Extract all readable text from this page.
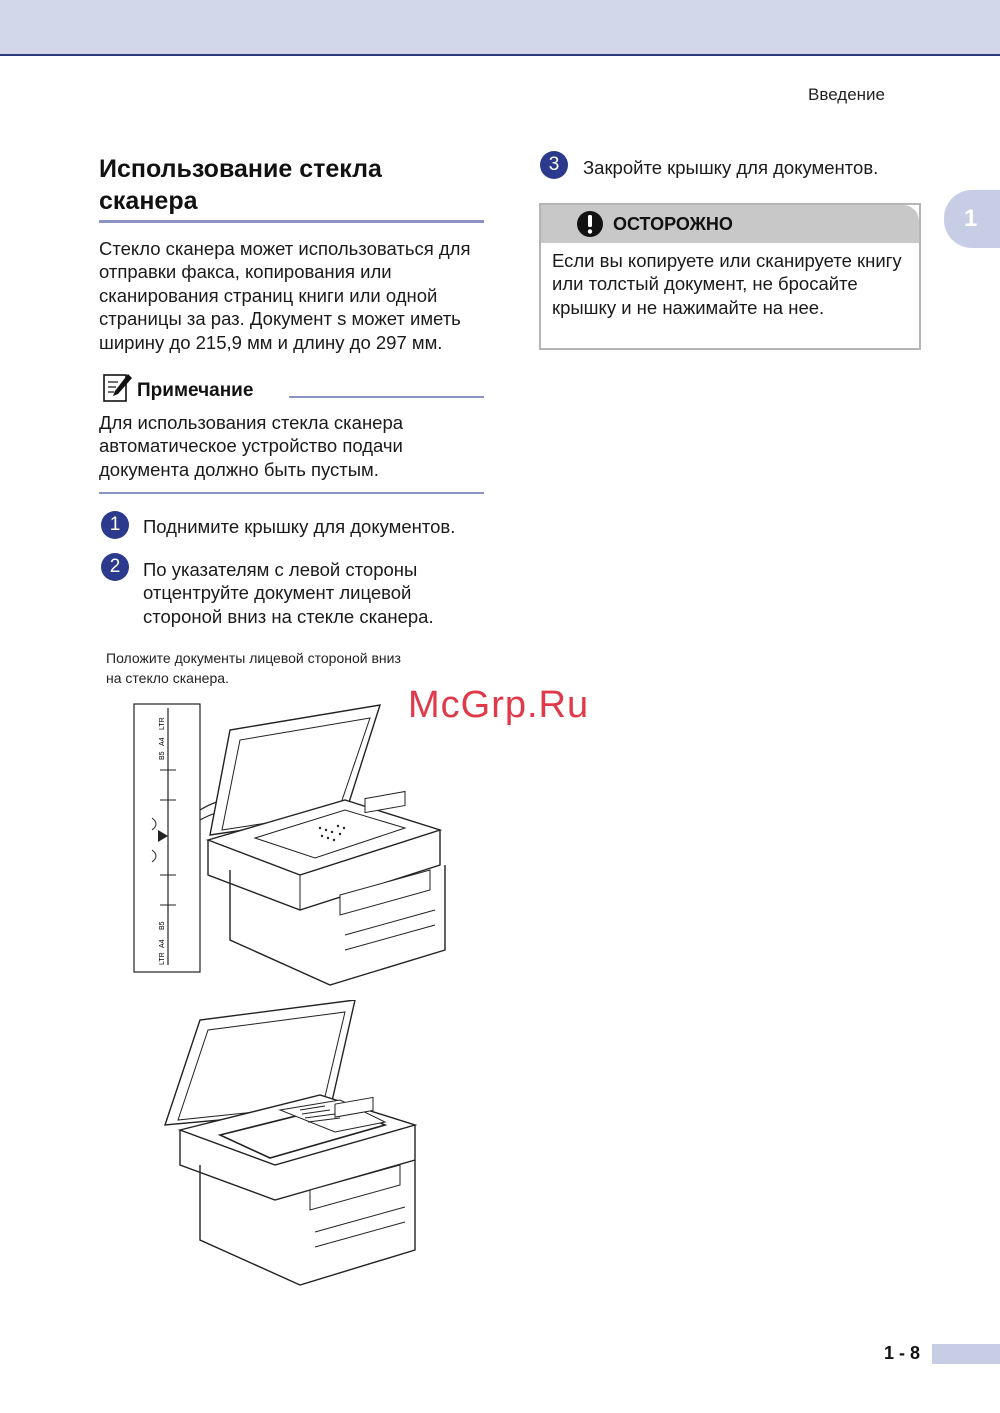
Введение
1
Использование стекла сканера

Стекло сканера может использоваться для отправки факса, копирования или сканирования страниц книги или одной страницы за раз. Документ s может иметь ширину до 215,9 мм и длину до 297 мм.

Примечание

Для использования стекла сканера автоматическое устройство подачи документа должно быть пустым.

1 Поднимите крышку для документов.

2 По указателям с левой стороны отцентруйте документ лицевой стороной вниз на стекле сканера.

Положите документы лицевой стороной вниз на стекло сканера.

McGrp.Ru
LTR
A4
B5
B5
A4
LTR
3 Закройте крышку для документов.

ОСТОРОЖНО

Если вы копируете или сканируете книгу или толстый документ, не бросайте крышку и не нажимайте на нее.

1 - 8
